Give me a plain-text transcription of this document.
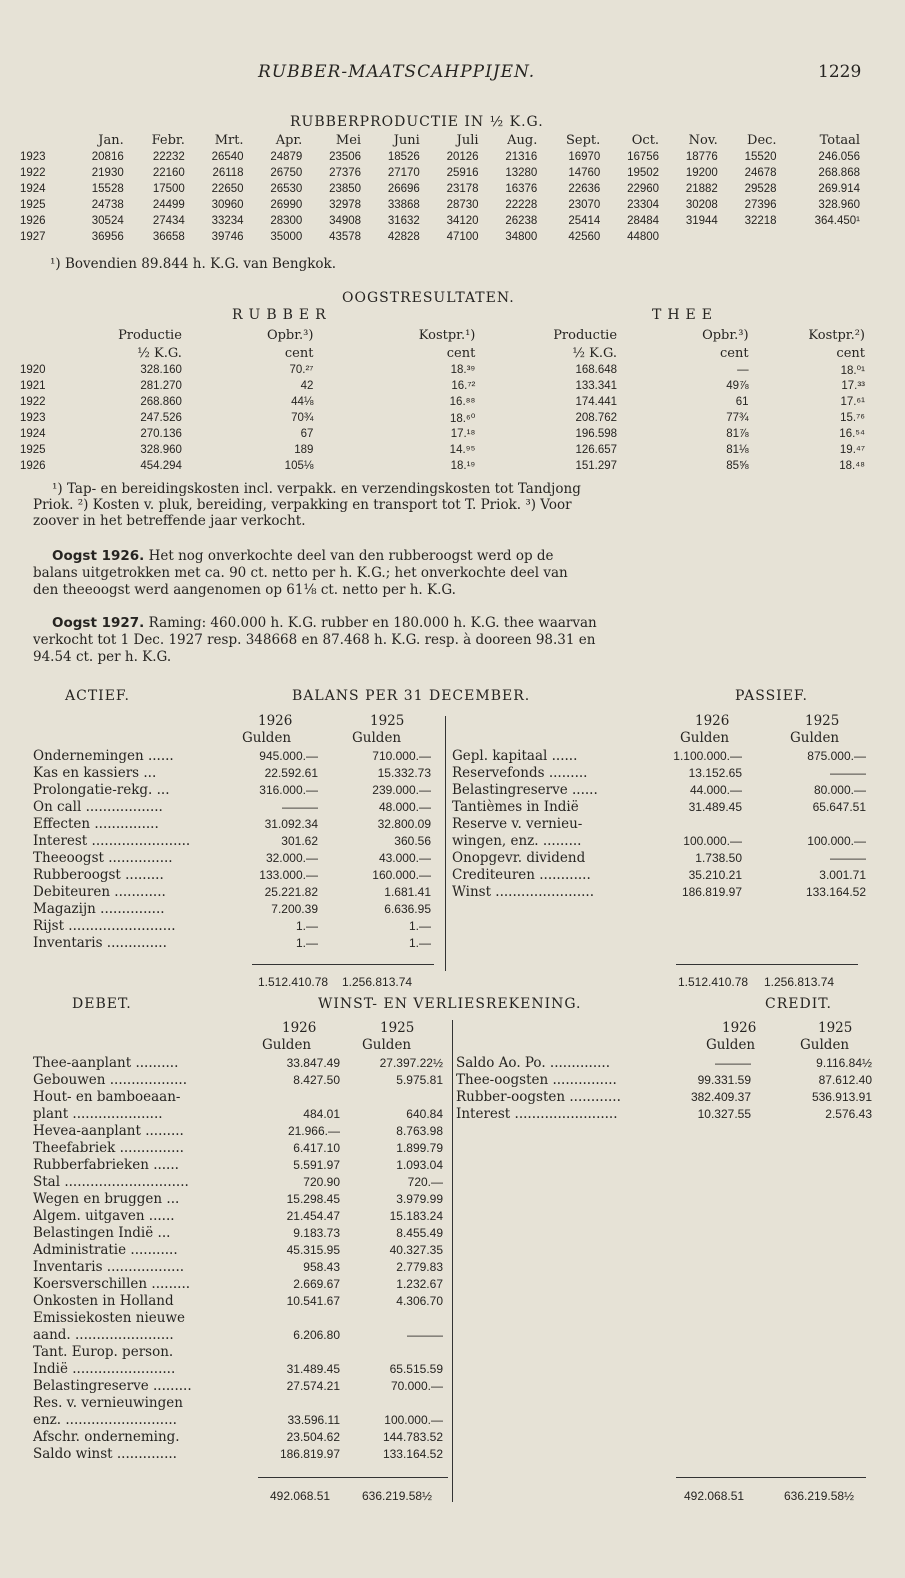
RUBBER-MAATSCAHPPIJEN.	1229
RUBBERPRODUCTIE IN ½ K.G.
	Jan.	Febr.	Mrt.	Apr.	Mei	Juni	Juli	Aug.	Sept.	Oct.	Nov.	Dec.	Totaal
1923	20816	22232	26540	24879	23506	18526	20126	21316	16970	16756	18776	15520	246.056
1922	21930	22160	26118	26750	27376	27170	25916	13280	14760	19502	19200	24678	268.868
1924	15528	17500	22650	26530	23850	26696	23178	16376	22636	22960	21882	29528	269.914
1925	24738	24499	30960	26990	32978	33868	28730	22228	23070	23304	30208	27396	328.960
1926	30524	27434	33234	28300	34908	31632	34120	26238	25414	28484	31944	32218	364.450¹
1927	36956	36658	39746	35000	43578	42828	47100	34800	42560	44800			
¹) Bovendien 89.844 h. K.G. van Bengkok.
OOGSTRESULTATEN.
RUBBER	THEE
	Productie	Opbr.³)	Kostpr.¹)	Productie	Opbr.³)	Kostpr.²)
	½ K.G.	cent	cent	½ K.G.	cent	cent
1920	328.160	70.²⁷	18.³⁹	168.648	—	18.⁰¹
1921	281.270	42	16.⁷²	133.341	49⅞	17.³³
1922	268.860	44⅛	16.⁸⁸	174.441	61	17.⁶¹
1923	247.526	70¾	18.⁶⁰	208.762	77¾	15.⁷⁶
1924	270.136	67	17.¹⁸	196.598	81⅞	16.⁵⁴
1925	328.960	189	14.⁹⁵	126.657	81⅛	19.⁴⁷
1926	454.294	105⅛	18.¹⁹	151.297	85⅝	18.⁴⁸
¹) Tap- en bereidingskosten incl. verpakk. en verzendingskosten tot Tandjong
Priok. ²) Kosten v. pluk, bereiding, verpakking en transport tot T. Priok. ³) Voor
zoover in het betreffende jaar verkocht.
Oogst 1926. Het nog onverkochte deel van den rubberoogst werd op de
balans uitgetrokken met ca. 90 ct. netto per h. K.G.; het onverkochte deel van
den theeoogst werd aangenomen op 61⅛ ct. netto per h. K.G.
Oogst 1927. Raming: 460.000 h. K.G. rubber en 180.000 h. K.G. thee waarvan
verkocht tot 1 Dec. 1927 resp. 348668 en 87.468 h. K.G. resp. à dooreen 98.31 en
94.54 ct. per h. K.G.
ACTIEF.	BALANS PER 31 DECEMBER.	PASSIEF.
1926	1925
Gulden	Gulden
1926	1925
Gulden	Gulden
Ondernemingen ......	945.000.—	710.000.—
Kas en kassiers ...	22.592.61	15.332.73
Prolongatie-rekg. ...	316.000.—	239.000.—
On call ..................	———	48.000.—
Effecten ...............	31.092.34	32.800.09
Interest .......................	301.62	360.56
Theeoogst ...............	32.000.—	43.000.—
Rubberoogst .........	133.000.—	160.000.—
Debiteuren ............	25.221.82	1.681.41
Magazijn ...............	7.200.39	6.636.95
Rijst .........................	1.—	1.—
Inventaris ..............	1.—	1.—
Gepl. kapitaal ......	1.100.000.—	875.000.—
Reservefonds .........	13.152.65	———
Belastingreserve ......	44.000.—	80.000.—
Tantièmes in Indië	31.489.45	65.647.51
Reserve v. vernieu-
wingen, enz. .........	100.000.—	100.000.—
Onopgevr. dividend	1.738.50	———
Crediteuren ............	35.210.21	3.001.71
Winst .......................	186.819.97	133.164.52
1.512.410.78 1.256.813.74	1.512.410.78 1.256.813.74
DEBET.	WINST- EN VERLIESREKENING.	CREDIT.
1926	1925
Gulden	Gulden
1926	1925
Gulden	Gulden
Thee-aanplant ..........	33.847.49	27.397.22½
Gebouwen ..................	8.427.50	5.975.81
Hout- en bamboeaan-
plant .....................	484.01	640.84
Hevea-aanplant .........	21.966.—	8.763.98
Theefabriek ...............	6.417.10	1.899.79
Rubberfabrieken ......	5.591.97	1.093.04
Stal .............................	720.90	720.—
Wegen en bruggen ...	15.298.45	3.979.99
Algem. uitgaven ......	21.454.47	15.183.24
Belastingen Indië ...	9.183.73	8.455.49
Administratie ...........	45.315.95	40.327.35
Inventaris ..................	958.43	2.779.83
Koersverschillen .........	2.669.67	1.232.67
Onkosten in Holland	10.541.67	4.306.70
Emissiekosten nieuwe
aand. .......................	6.206.80	———
Tant. Europ. person.
Indië ........................	31.489.45	65.515.59
Belastingreserve .........	27.574.21	70.000.—
Res. v. vernieuwingen
enz. ..........................	33.596.11	100.000.—
Afschr. onderneming.	23.504.62	144.783.52
Saldo winst ..............	186.819.97	133.164.52
Saldo Ao. Po. ..............	———	9.116.84½
Thee-oogsten ...............	99.331.59	87.612.40
Rubber-oogsten ............	382.409.37	536.913.91
Interest ........................	10.327.55	2.576.43
492.068.51	636.219.58½	492.068.51	636.219.58½
